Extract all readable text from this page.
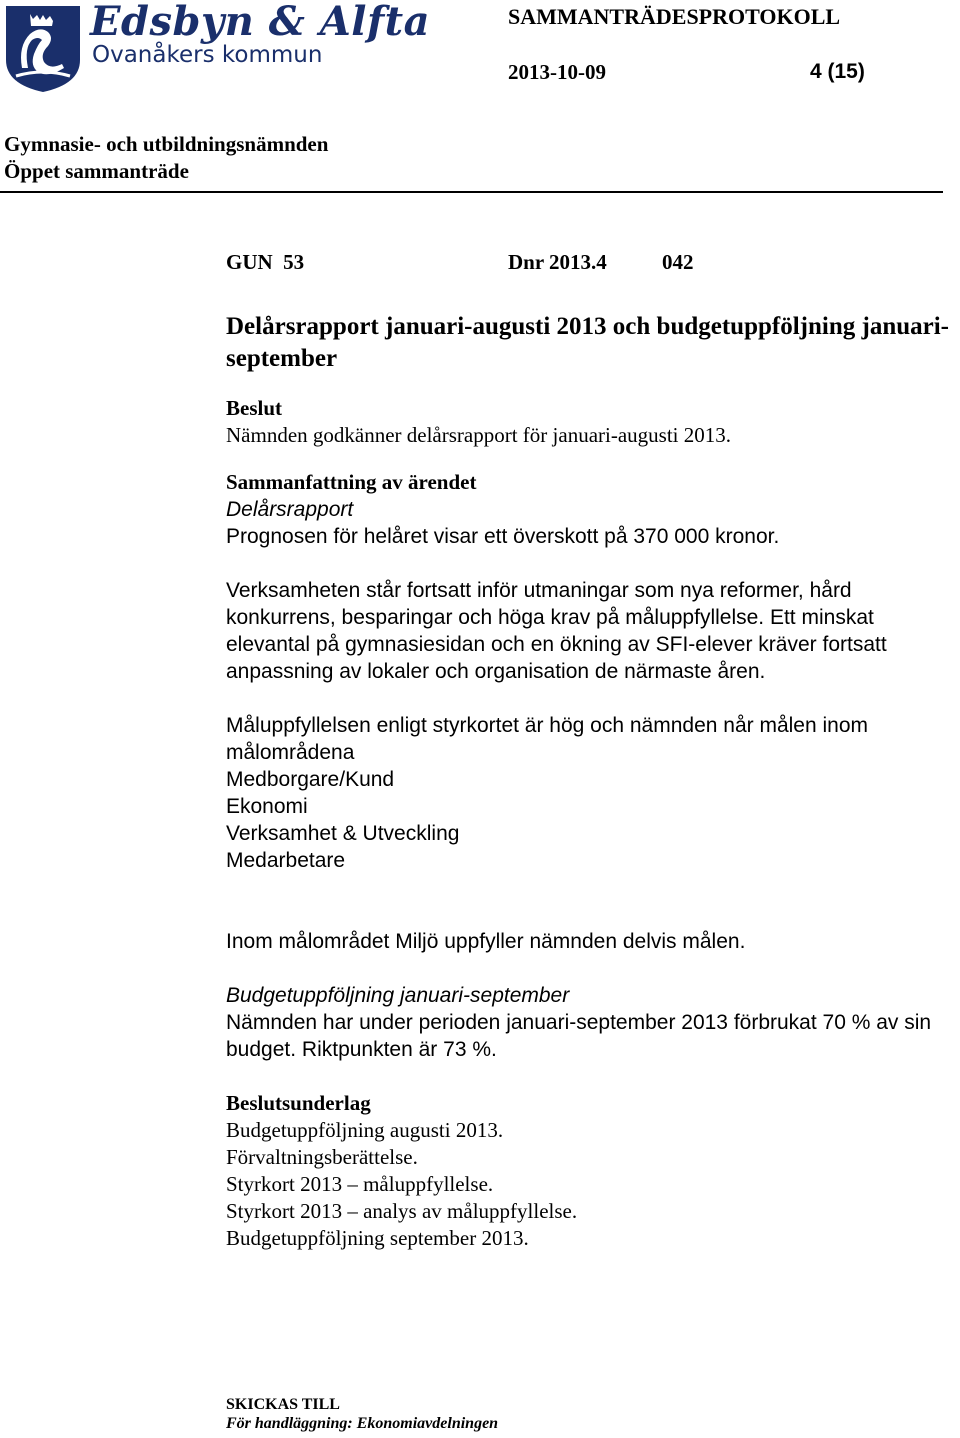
Edsbyn & Alfta
Ovanåkers kommun
SAMMANTRÄDESPROTOKOLL
2013-10-09	4 (15)
Gymnasie- och utbildningsnämnden
Öppet sammanträde
GUN  53	Dnr 2013.4	042
Delårsrapport januari-augusti 2013 och budgetuppföljning januari-september
Beslut

Nämnden godkänner delårsrapport för januari-augusti 2013.

Sammanfattning av ärendet

Delårsrapport

Prognosen för helåret visar ett överskott på 370 000 kronor.

Verksamheten står fortsatt inför utmaningar som nya reformer, hård konkurrens, besparingar och höga krav på måluppfyllelse. Ett minskat elevantal på gymnasiesidan och en ökning av SFI-elever kräver fortsatt anpassning av lokaler och organisation de närmaste åren.

Måluppfyllelsen enligt styrkortet är hög och nämnden når målen inom målområdena

Medborgare/Kund

Ekonomi

Verksamhet & Utveckling

Medarbetare

Inom målområdet Miljö uppfyller nämnden delvis målen.

Budgetuppföljning januari-september

Nämnden har under perioden januari-september 2013 förbrukat 70 % av sin budget. Riktpunkten är 73 %.

Beslutsunderlag

Budgetuppföljning augusti 2013.

Förvaltningsberättelse.

Styrkort 2013 – måluppfyllelse.

Styrkort 2013 – analys av måluppfyllelse.

Budgetuppföljning september 2013.

SKICKAS TILL
För handläggning: Ekonomiavdelningen
